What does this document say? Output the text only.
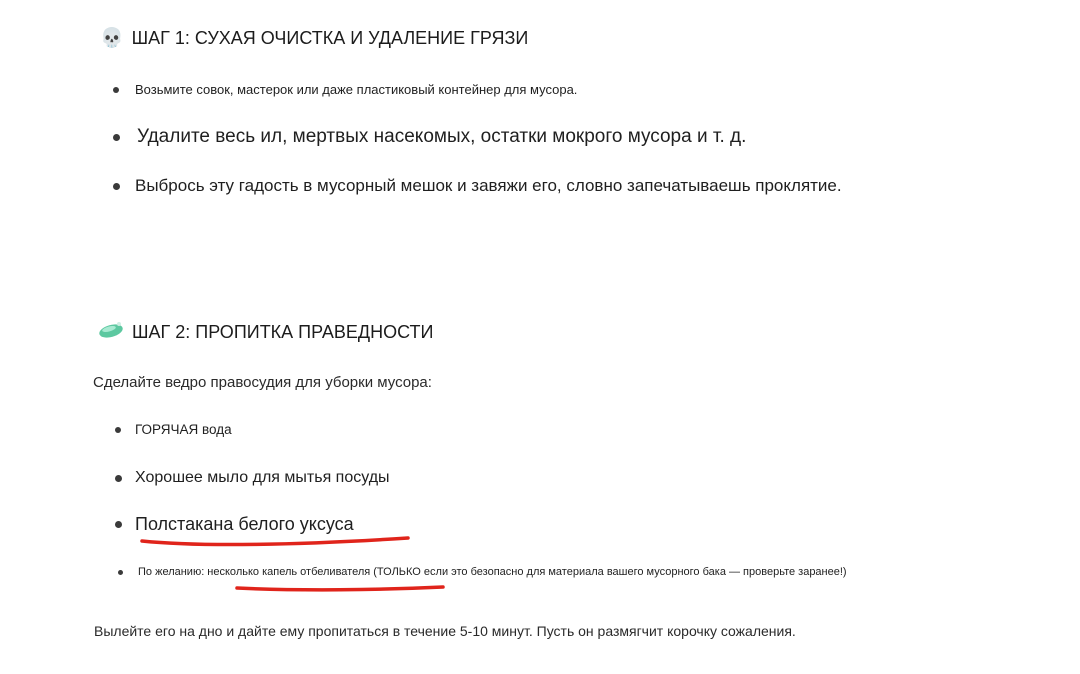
💀 ШАГ 1: СУХАЯ ОЧИСТКА И УДАЛЕНИЕ ГРЯЗИ
Возьмите совок, мастерок или даже пластиковый контейнер для мусора.
Удалите весь ил, мертвых насекомых, остатки мокрого мусора и т. д.
Выбрось эту гадость в мусорный мешок и завяжи его, словно запечатываешь проклятие.
ШАГ 2: ПРОПИТКА ПРАВЕДНОСТИ
Сделайте ведро правосудия для уборки мусора:
ГОРЯЧАЯ вода
Хорошее мыло для мытья посуды
Полстакана белого уксуса
По желанию: несколько капель отбеливателя (ТОЛЬКО если это безопасно для материала вашего мусорного бака — проверьте заранее!)
Вылейте его на дно и дайте ему пропитаться в течение 5-10 минут. Пусть он размягчит корочку сожаления.
